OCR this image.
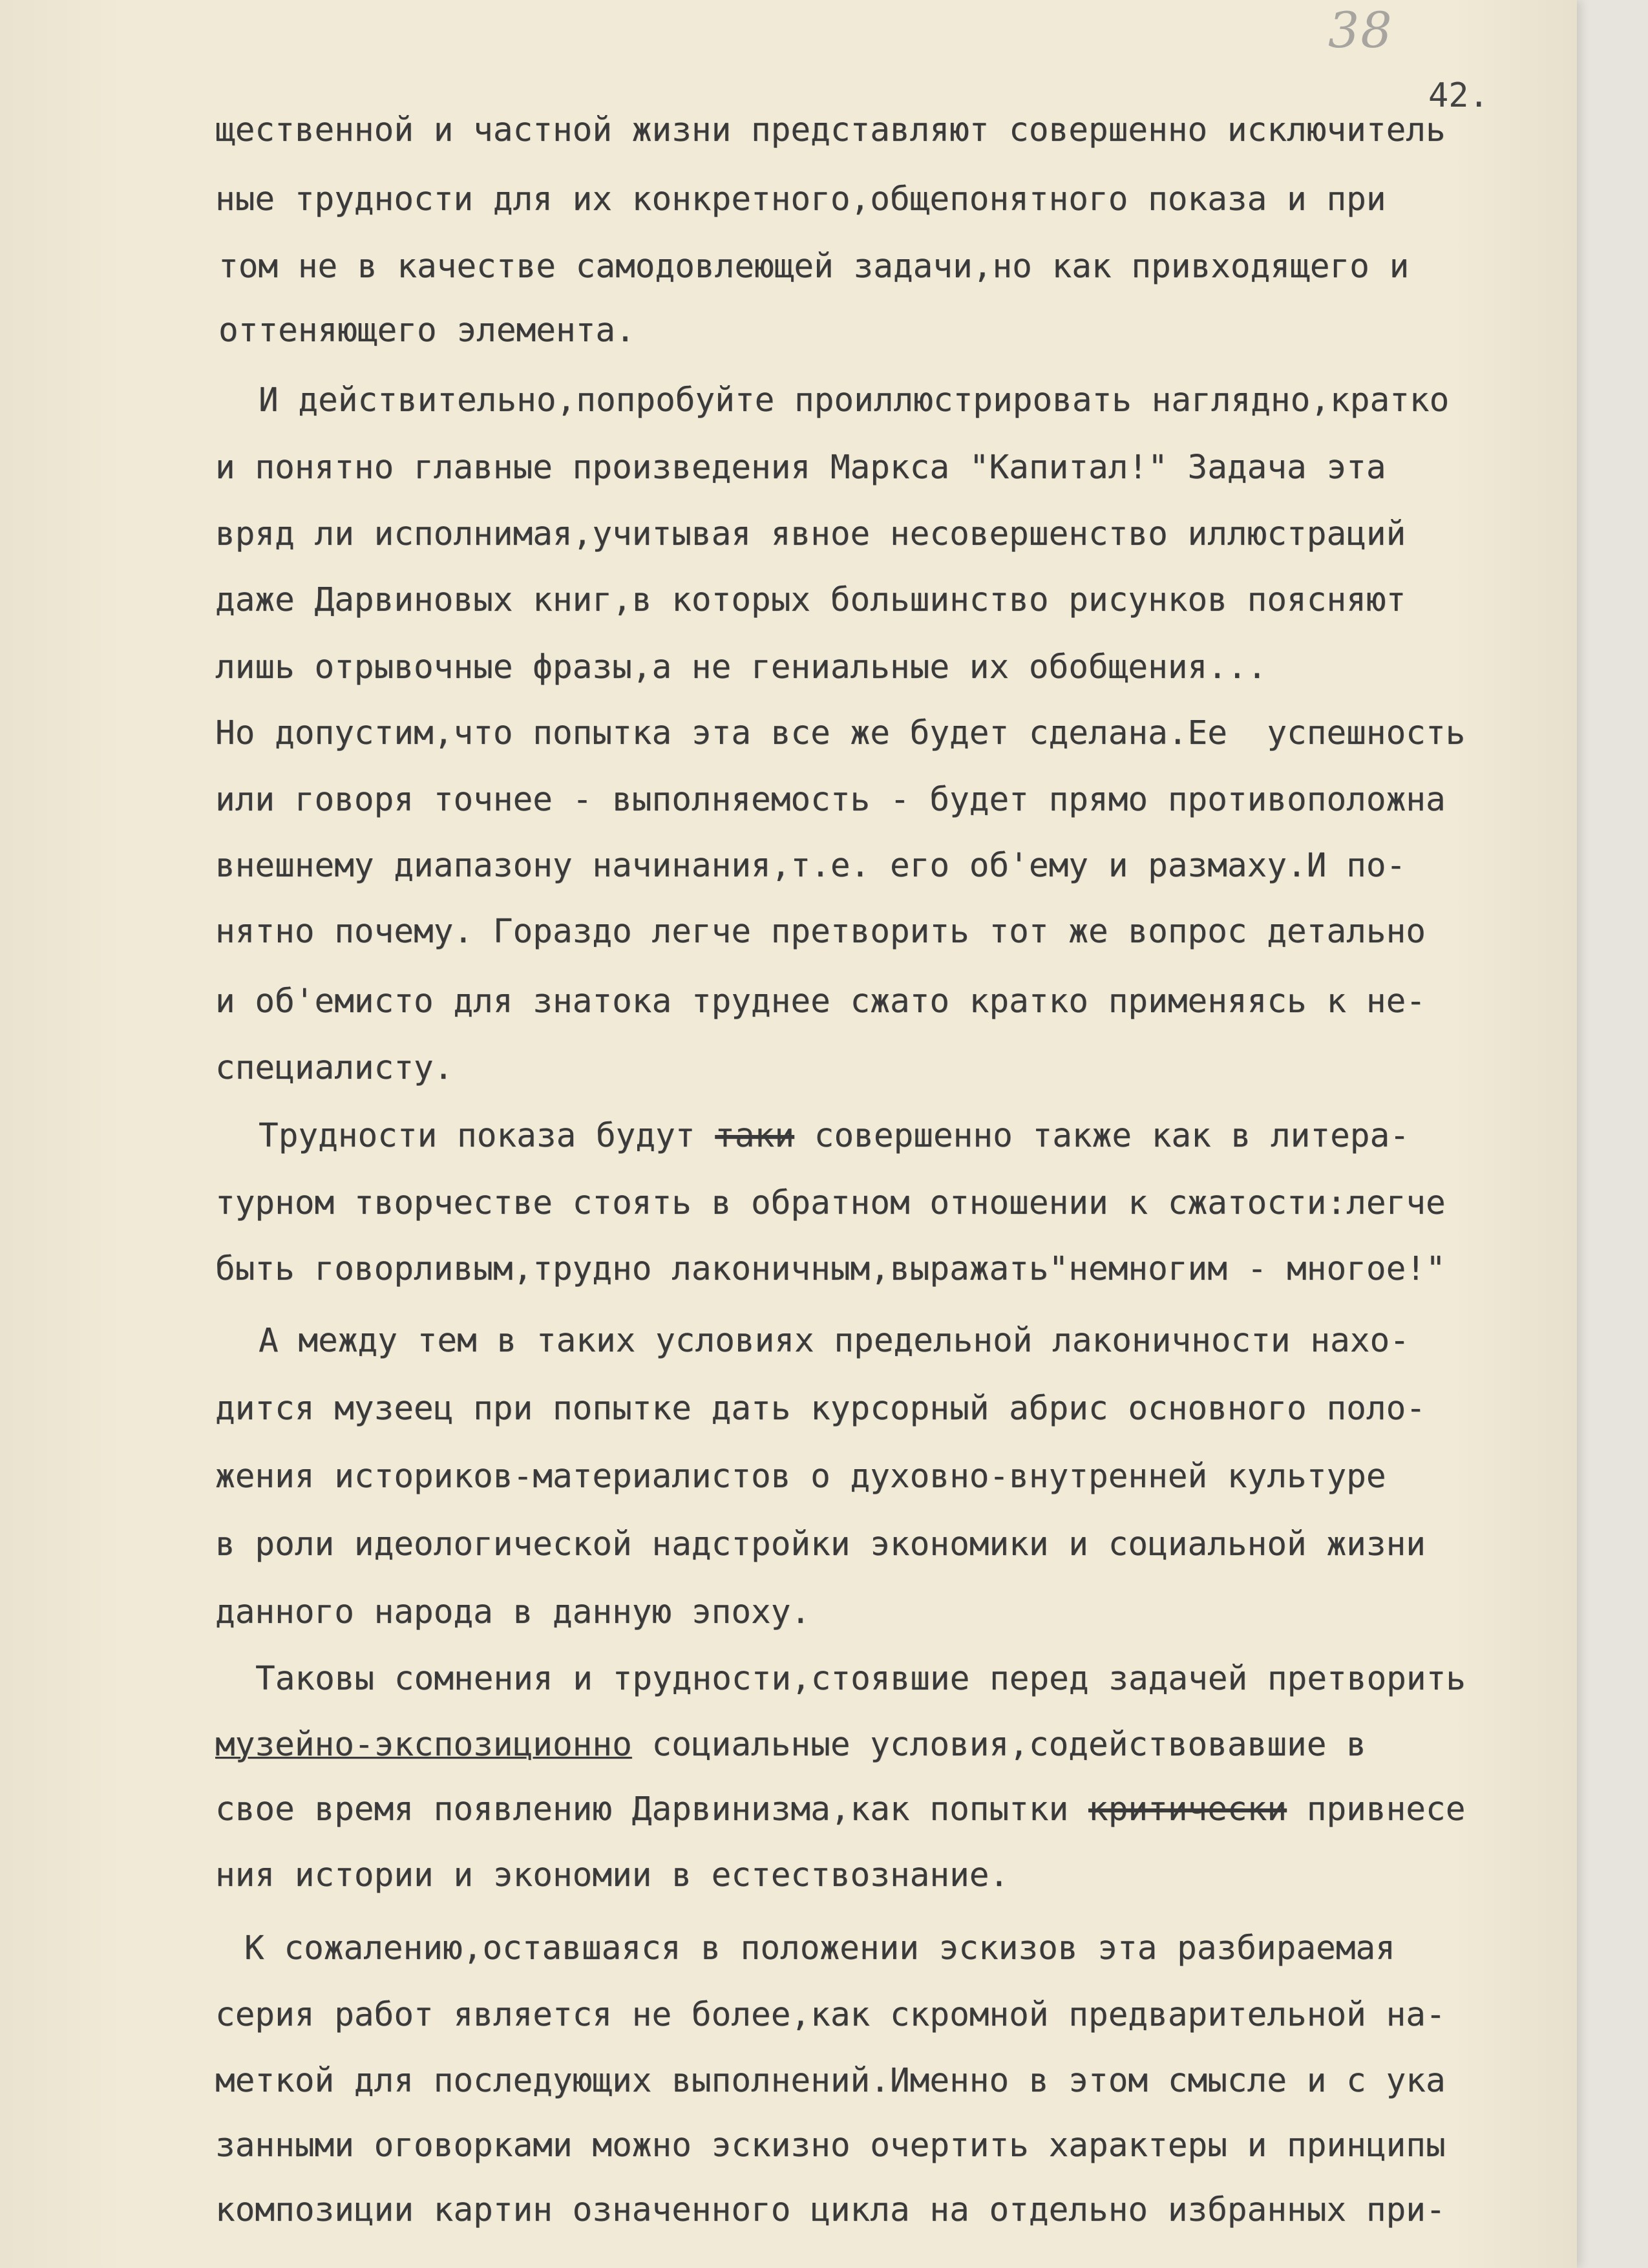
38
42.

щественной и частной жизни представляют совершенно исключитель

ные трудности для их конкретного,общепонятного показа и при

том не в качестве самодовлеющей задачи,но как привходящего и

оттеняющего элемента.

И действительно,попробуйте проиллюстрировать наглядно,кратко

и понятно главные произведения Маркса "Капитал!" Задача эта

вряд ли исполнимая,учитывая явное несовершенство иллюстраций

даже Дарвиновых книг,в которых большинство рисунков поясняют

лишь отрывочные фразы,а не гениальные их обобщения...

Но допустим,что попытка эта все же будет сделана.Ее  успешность

или говоря точнее - выполняемость - будет прямо противоположна

внешнему диапазону начинания,т.е. его об'ему и размаху.И по-

нятно почему. Гораздо легче претворить тот же вопрос детально

и об'емисто для знатока труднее сжато кратко применяясь к не-

специалисту.

Трудности показа будут таки совершенно также как в литера-

турном творчестве стоять в обратном отношении к сжатости:легче

быть говорливым,трудно лаконичным,выражать"немногим - многое!"

А между тем в таких условиях предельной лаконичности нахо-

дится музеец при попытке дать курсорный абрис основного поло-

жения историков-материалистов о духовно-внутренней культуре

в роли идеологической надстройки экономики и социальной жизни

данного народа в данную эпоху.

Таковы сомнения и трудности,стоявшие перед задачей претворить

музейно-экспозиционно социальные условия,содействовавшие в

свое время появлению Дарвинизма,как попытки критически привнесе

ния истории и экономии в естествознание.

К сожалению,оставшаяся в положении эскизов эта разбираемая

серия работ является не более,как скромной предварительной на-

меткой для последующих выполнений.Именно в этом смысле и с ука

занными оговорками можно эскизно очертить характеры и принципы

композиции картин означенного цикла на отдельно избранных при-
